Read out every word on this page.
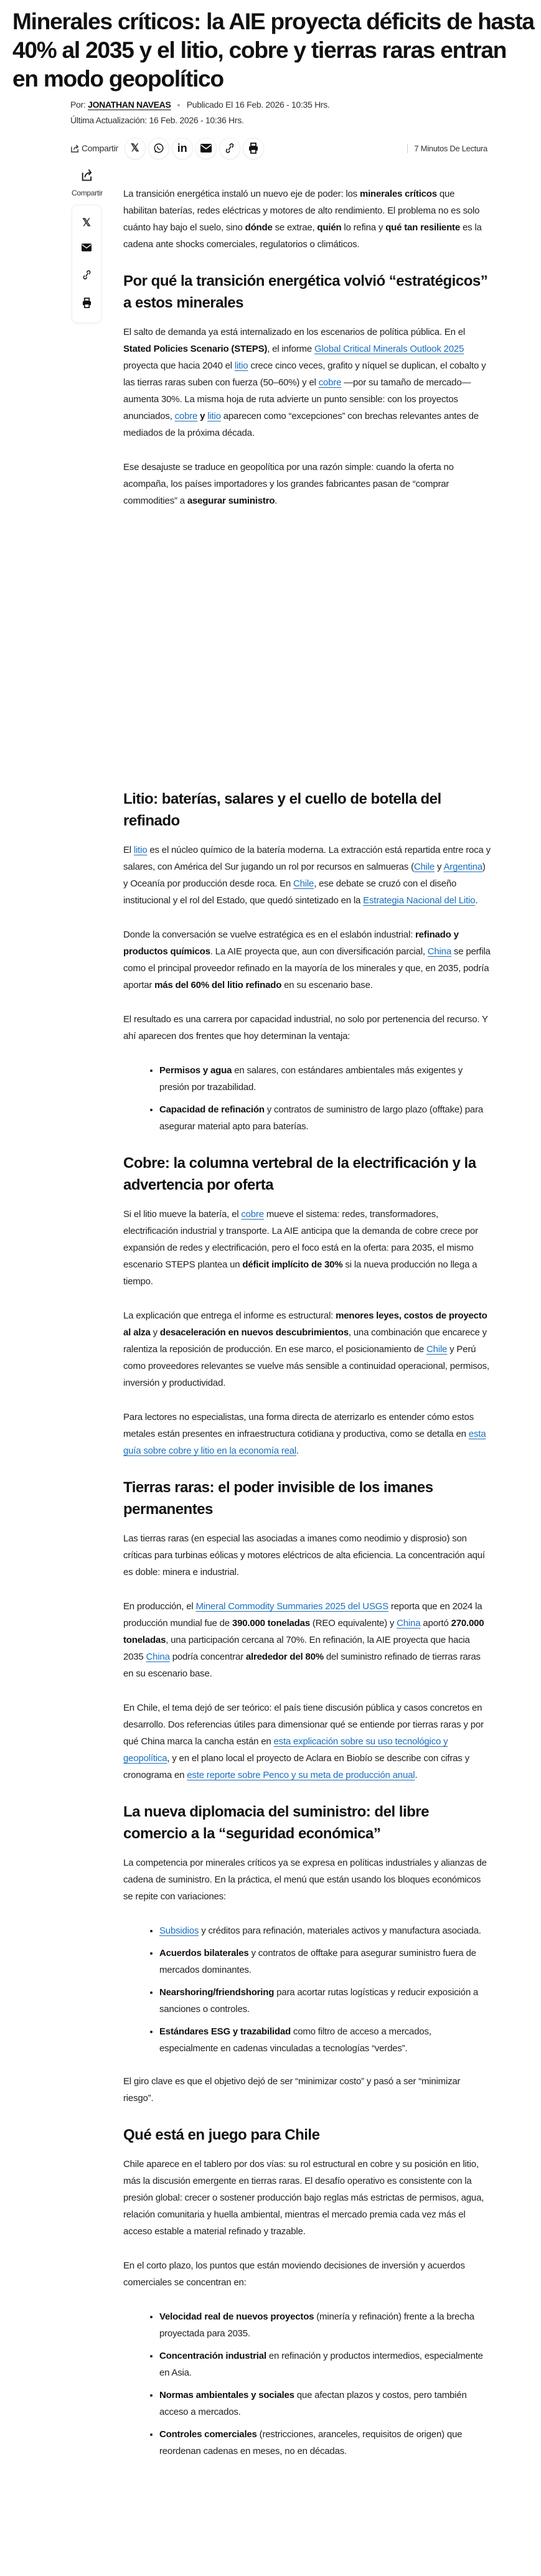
Minerales críticos: la AIE proyecta déficits de hasta 40% al 2035 y el litio, cobre y tierras raras entran en modo geopolítico
Por: JONATHAN NAVEAS Publicado El 16 Feb. 2026 - 10:35 Hrs.
Última Actualización: 16 Feb. 2026 - 10:36 Hrs.
Compartir 𝕏	in	7 Minutos De Lectura
Compartir
𝕏

La transición energética instaló un nuevo eje de poder: los minerales críticos que habilitan baterías, redes eléctricas y motores de alto rendimiento. El problema no es solo cuánto hay bajo el suelo, sino dónde se extrae, quién lo refina y qué tan resiliente es la cadena ante shocks comerciales, regulatorios o climáticos.

Por qué la transición energética volvió “estratégicos” a estos minerales

El salto de demanda ya está internalizado en los escenarios de política pública. En el Stated Policies Scenario (STEPS), el informe Global Critical Minerals Outlook 2025 proyecta que hacia 2040 el litio crece cinco veces, grafito y níquel se duplican, el cobalto y las tierras raras suben con fuerza (50–60%) y el cobre —por su tamaño de mercado— aumenta 30%. La misma hoja de ruta advierte un punto sensible: con los proyectos anunciados, cobre y litio aparecen como “excepciones” con brechas relevantes antes de mediados de la próxima década.

Ese desajuste se traduce en geopolítica por una razón simple: cuando la oferta no acompaña, los países importadores y los grandes fabricantes pasan de “comprar commodities” a asegurar suministro.

Litio: baterías, salares y el cuello de botella del refinado

El litio es el núcleo químico de la batería moderna. La extracción está repartida entre roca y salares, con América del Sur jugando un rol por recursos en salmueras (Chile y Argentina) y Oceanía por producción desde roca. En Chile, ese debate se cruzó con el diseño institucional y el rol del Estado, que quedó sintetizado en la Estrategia Nacional del Litio.

Donde la conversación se vuelve estratégica es en el eslabón industrial: refinado y productos químicos. La AIE proyecta que, aun con diversificación parcial, China se perfila como el principal proveedor refinado en la mayoría de los minerales y que, en 2035, podría aportar más del 60% del litio refinado en su escenario base.

El resultado es una carrera por capacidad industrial, no solo por pertenencia del recurso. Y ahí aparecen dos frentes que hoy determinan la ventaja:

• Permisos y agua en salares, con estándares ambientales más exigentes y presión por trazabilidad.
• Capacidad de refinación y contratos de suministro de largo plazo (offtake) para asegurar material apto para baterías.
Cobre: la columna vertebral de la electrificación y la advertencia por oferta

Si el litio mueve la batería, el cobre mueve el sistema: redes, transformadores, electrificación industrial y transporte. La AIE anticipa que la demanda de cobre crece por expansión de redes y electrificación, pero el foco está en la oferta: para 2035, el mismo escenario STEPS plantea un déficit implícito de 30% si la nueva producción no llega a tiempo.

La explicación que entrega el informe es estructural: menores leyes, costos de proyecto al alza y desaceleración en nuevos descubrimientos, una combinación que encarece y ralentiza la reposición de producción. En ese marco, el posicionamiento de Chile y Perú como proveedores relevantes se vuelve más sensible a continuidad operacional, permisos, inversión y productividad.

Para lectores no especialistas, una forma directa de aterrizarlo es entender cómo estos metales están presentes en infraestructura cotidiana y productiva, como se detalla en esta guía sobre cobre y litio en la economía real.

Tierras raras: el poder invisible de los imanes permanentes

Las tierras raras (en especial las asociadas a imanes como neodimio y disprosio) son críticas para turbinas eólicas y motores eléctricos de alta eficiencia. La concentración aquí es doble: minera e industrial.

En producción, el Mineral Commodity Summaries 2025 del USGS reporta que en 2024 la producción mundial fue de 390.000 toneladas (REO equivalente) y China aportó 270.000 toneladas, una participación cercana al 70%. En refinación, la AIE proyecta que hacia 2035 China podría concentrar alrededor del 80% del suministro refinado de tierras raras en su escenario base.

En Chile, el tema dejó de ser teórico: el país tiene discusión pública y casos concretos en desarrollo. Dos referencias útiles para dimensionar qué se entiende por tierras raras y por qué China marca la cancha están en esta explicación sobre su uso tecnológico y geopolítica, y en el plano local el proyecto de Aclara en Biobío se describe con cifras y cronograma en este reporte sobre Penco y su meta de producción anual.

La nueva diplomacia del suministro: del libre comercio a la “seguridad económica”

La competencia por minerales críticos ya se expresa en políticas industriales y alianzas de cadena de suministro. En la práctica, el menú que están usando los bloques económicos se repite con variaciones:

• Subsidios y créditos para refinación, materiales activos y manufactura asociada.
• Acuerdos bilaterales y contratos de offtake para asegurar suministro fuera de mercados dominantes.
• Nearshoring/friendshoring para acortar rutas logísticas y reducir exposición a sanciones o controles.
• Estándares ESG y trazabilidad como filtro de acceso a mercados, especialmente en cadenas vinculadas a tecnologías “verdes”.

El giro clave es que el objetivo dejó de ser “minimizar costo” y pasó a ser “minimizar riesgo”.

Qué está en juego para Chile

Chile aparece en el tablero por dos vías: su rol estructural en cobre y su posición en litio, más la discusión emergente en tierras raras. El desafío operativo es consistente con la presión global: crecer o sostener producción bajo reglas más estrictas de permisos, agua, relación comunitaria y huella ambiental, mientras el mercado premia cada vez más el acceso estable a material refinado y trazable.

En el corto plazo, los puntos que están moviendo decisiones de inversión y acuerdos comerciales se concentran en:

• Velocidad real de nuevos proyectos (minería y refinación) frente a la brecha proyectada para 2035.
• Concentración industrial en refinación y productos intermedios, especialmente en Asia.
• Normas ambientales y sociales que afectan plazos y costos, pero también acceso a mercados.
• Controles comerciales (restricciones, aranceles, requisitos de origen) que reordenan cadenas en meses, no en décadas.
